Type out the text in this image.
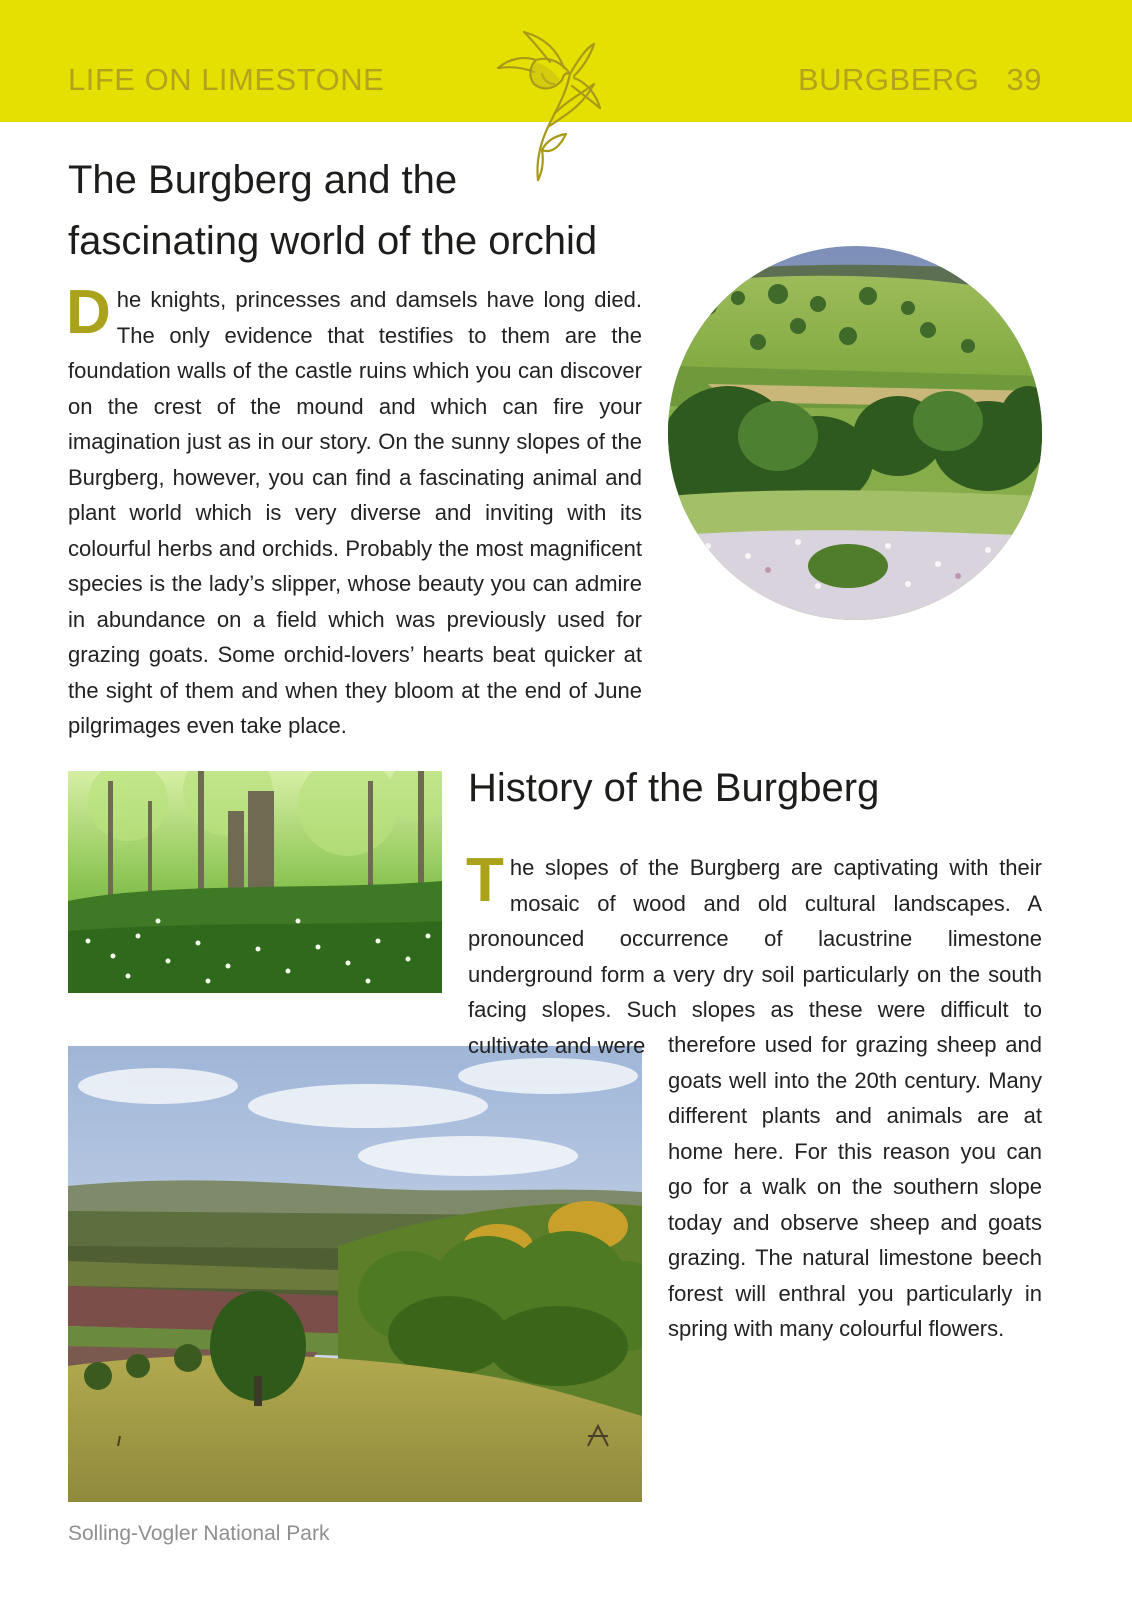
LIFE ON LIMESTONE	BURGBERG 39
The Burgberg and the
fascinating world of the orchid
Dhe knights, princesses and damsels have long died. The only evidence that testifies to them are the foundation walls of the castle ruins which you can discover on the crest of the mound and which can fire your imagination just as in our story. On the sunny slopes of the Burgberg, however, you can find a fascinating animal and plant world which is very diverse and inviting with its colourful herbs and orchids. Probably the most magnificent species is the lady’s slipper, whose beauty you can admire in abundance on a field which was previously used for grazing goats. Some orchid-lovers’ hearts beat quicker at the sight of them and when they bloom at the end of June pilgrimages even take place.
History of the Burgberg
The slopes of the Burgberg are captivating with their mosaic of wood and old cultural landscapes. A pronounced occurrence of lacustrine limestone underground form a very dry soil particularly on the south facing slopes. Such slopes as these were difficult to cultivate and were	therefore used for grazing sheep and goats well into the 20th century. Many different plants and animals are at home here. For this reason you can go for a walk on the southern slope today and observe sheep and goats grazing. The natural limestone beech forest will enthral you particularly in spring with many colourful flowers.
Solling-Vogler National Park
